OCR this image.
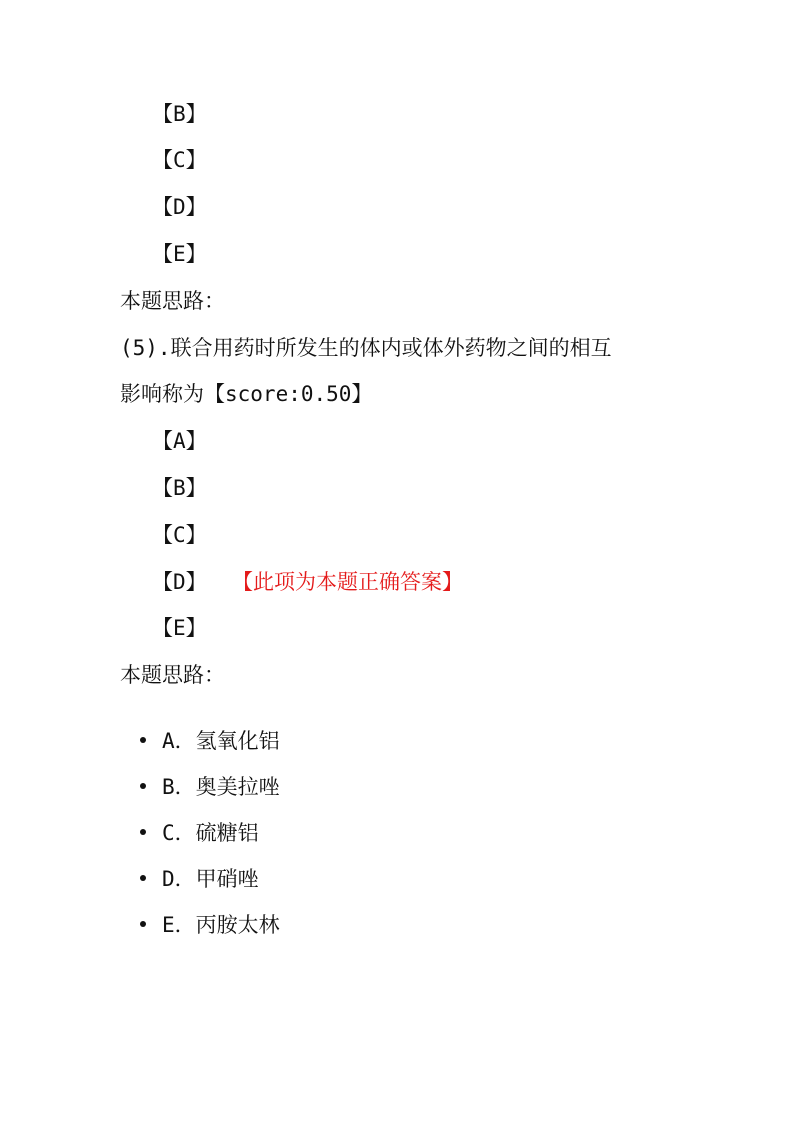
【B】
【C】
【D】
【E】
本题思路：
(5).联合用药时所发生的体内或体外药物之间的相互
影响称为【score:0.50】
【A】
【B】
【C】
【D】 【此项为本题正确答案】
【E】
本题思路：
A．氢氧化铝
B．奥美拉唑
C．硫糖铝
D．甲硝唑
E．丙胺太林
